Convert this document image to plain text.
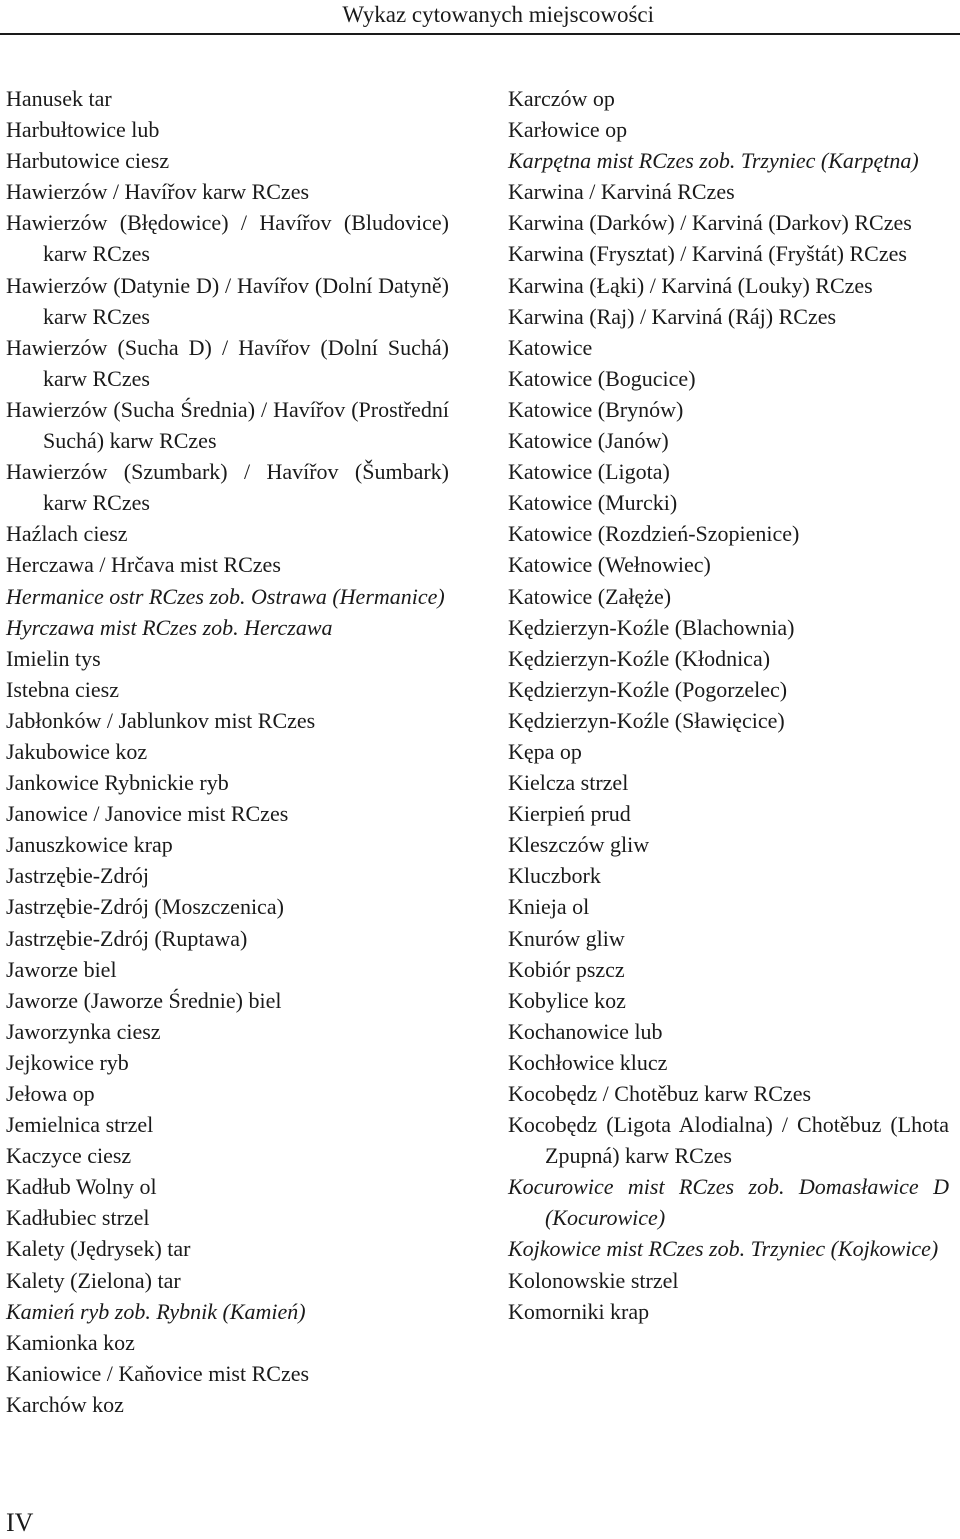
Wykaz cytowanych miejscowości
Hanusek tar
Harbułtowice lub
Harbutowice ciesz
Hawierzów / Havířov karw RCzes
Hawierzów (Błędowice) / Havířov (Bludovice) karw RCzes
Hawierzów (Datynie D) / Havířov (Dolní Datyně) karw RCzes
Hawierzów (Sucha D) / Havířov (Dolní Suchá) karw RCzes
Hawierzów (Sucha Średnia) / Havířov (Prostřední Suchá) karw RCzes
Hawierzów (Szumbark) / Havířov (Šumbark) karw RCzes
Haźlach ciesz
Herczawa / Hrčava mist RCzes
Hermanice ostr RCzes zob. Ostrawa (Hermanice)
Hyrczawa mist RCzes zob. Herczawa
Imielin tys
Istebna ciesz
Jabłonków / Jablunkov mist RCzes
Jakubowice koz
Jankowice Rybnickie ryb
Janowice / Janovice mist RCzes
Januszkowice krap
Jastrzębie-Zdrój
Jastrzębie-Zdrój (Moszczenica)
Jastrzębie-Zdrój (Ruptawa)
Jaworze biel
Jaworze (Jaworze Średnie) biel
Jaworzynka ciesz
Jejkowice ryb
Jełowa op
Jemielnica strzel
Kaczyce ciesz
Kadłub Wolny ol
Kadłubiec strzel
Kalety (Jędrysek) tar
Kalety (Zielona) tar
Kamień ryb zob. Rybnik (Kamień)
Kamionka koz
Kaniowice / Kaňovice mist RCzes
Karchów koz
Karczów op
Karłowice op
Karpętna mist RCzes zob. Trzyniec (Karpętna)
Karwina / Karviná RCzes
Karwina (Darków) / Karviná (Darkov) RCzes
Karwina (Frysztat) / Karviná (Fryštát) RCzes
Karwina (Łąki) / Karviná (Louky) RCzes
Karwina (Raj) / Karviná (Ráj) RCzes
Katowice
Katowice (Bogucice)
Katowice (Brynów)
Katowice (Janów)
Katowice (Ligota)
Katowice (Murcki)
Katowice (Rozdzień-Szopienice)
Katowice (Wełnowiec)
Katowice (Załęże)
Kędzierzyn-Koźle (Blachownia)
Kędzierzyn-Koźle (Kłodnica)
Kędzierzyn-Koźle (Pogorzelec)
Kędzierzyn-Koźle (Sławięcice)
Kępa op
Kielcza strzel
Kierpień prud
Kleszczów gliw
Kluczbork
Knieja ol
Knurów gliw
Kobiór pszcz
Kobylice koz
Kochanowice lub
Kochłowice klucz
Kocobędz / Chotěbuz karw RCzes
Kocobędz (Ligota Alodialna) / Chotěbuz (Lhota Zpupná) karw RCzes
Kocurowice mist RCzes zob. Domasławice D (Kocurowice)
Kojkowice mist RCzes zob. Trzyniec (Kojkowice)
Kolonowskie strzel
Komorniki krap
IV
